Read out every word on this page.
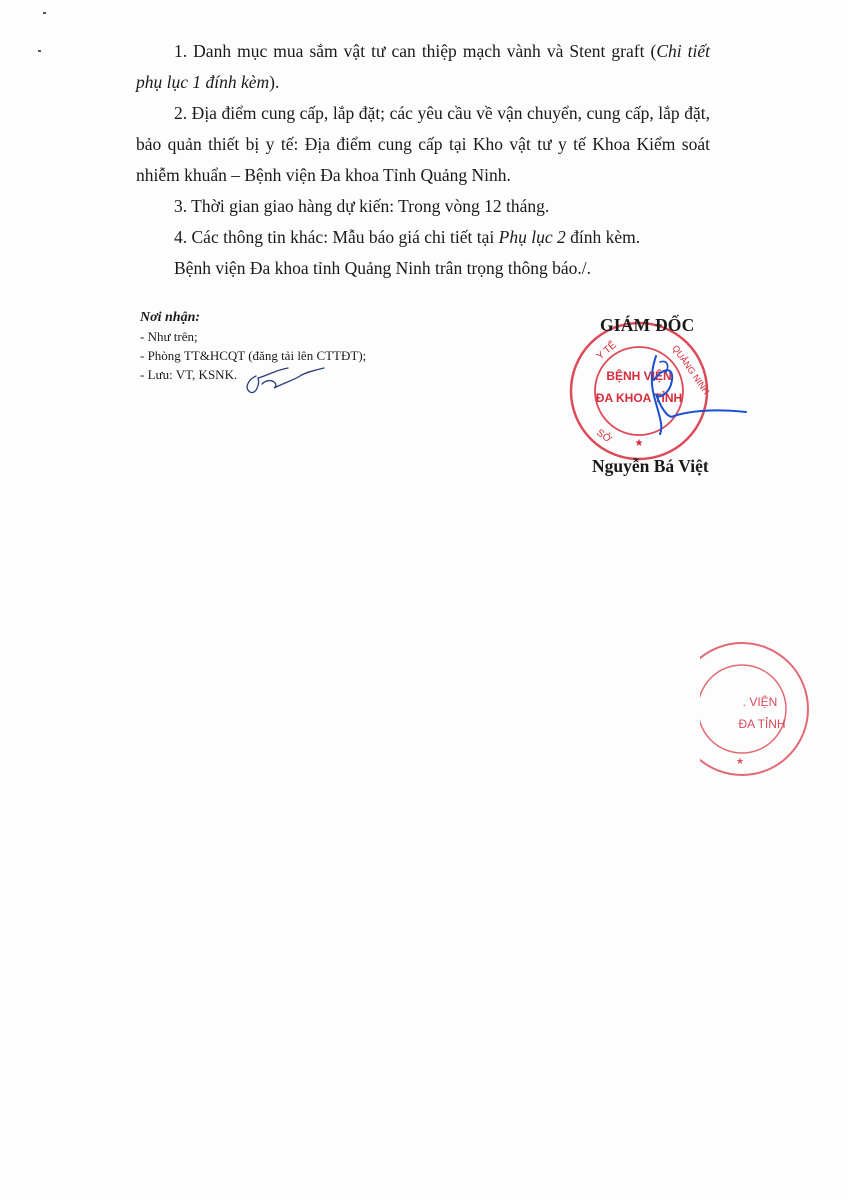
1. Danh mục mua sắm vật tư can thiệp mạch vành và Stent graft (Chi tiết phụ lục 1 đính kèm).

2. Địa điểm cung cấp, lắp đặt; các yêu cầu về vận chuyển, cung cấp, lắp đặt, bảo quản thiết bị y tế: Địa điểm cung cấp tại Kho vật tư y tế Khoa Kiểm soát nhiễm khuẩn – Bệnh viện Đa khoa Tỉnh Quảng Ninh.

3. Thời gian giao hàng dự kiến: Trong vòng 12 tháng.

4. Các thông tin khác: Mẫu báo giá chi tiết tại Phụ lục 2 đính kèm.

Bệnh viện Đa khoa tỉnh Quảng Ninh trân trọng thông báo./.

Nơi nhận:

- Như trên;

- Phòng TT&HCQT (đăng tải lên CTTĐT);

- Lưu: VT, KSNK.

Y TẾ	QUẢNG NINH
SỞ ★
BỆNH VIỆN
ĐA KHOA TỈNH
GIÁM ĐỐC
Nguyễn Bá Việt
★
. VIỆN
ĐA TỈNH
